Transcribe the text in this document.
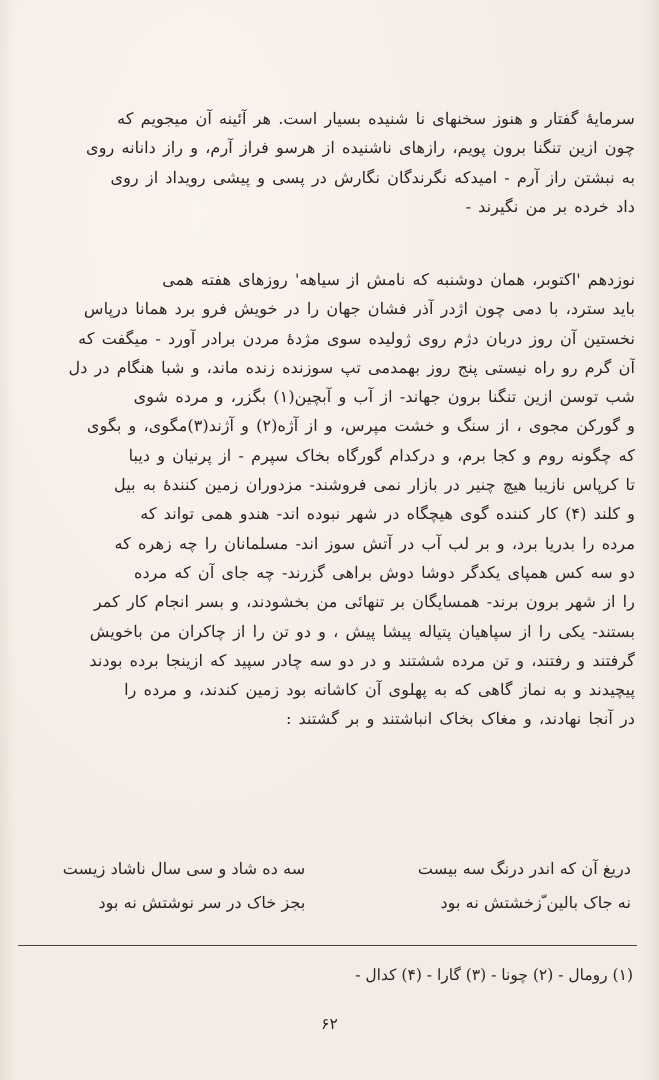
سرمایهٔ گفتار و هنوز سخنهای نا شنیده بسیار است. هر آئینه آن میجویم که
چون ازین تنگنا برون پویم، رازهای ناشنیده از هرسو فراز آرم، و راز دانانه روی
به نبشتن راز آرم - امیدکه نگرندگان نگارش در پسی و پیشی رویداد از روی
داد خرده بر من نگیرند -
نوزدهم 'اکتوبر، همان دوشنبه که نامش از سیاهه' روزهای هفته همی
باید سترد، با دمی چون اژدر آذر فشان جهان را در خویش فرو برد همانا درپاس
نخستین آن روز دربان دژم روی ژولیده سوی مژدهٔ مردن برادر آورد - میگفت که
آن گرم رو راه نیستی پنج روز بهمدمی تپ سوزنده زنده ماند، و شبا هنگام در دل
شب توسن ازین تنگنا برون جهاند- از آب و آبچین(۱) بگزر، و مرده شوی
و گورکن مجوی ، از سنگ و خشت مپرس، و از آژه(۲) و آژند(۳)مگوی، و بگوی
که چگونه روم و کجا برم، و درکدام گورگاه بخاک سپرم - از پرنیان و دیبا
تا کرپاس نازیبا هیچ چنیر در بازار نمی فروشند- مزدوران زمین کنندهٔ به بیل
و کلند (۴) کار کننده گوی هیچگاه در شهر نبوده اند- هندو همی تواند که
مرده را بدریا برد، و بر لب آب در آتش سوز اند- مسلمانان را چه زهره که
دو سه کس همپای یکدگر دوشا دوش براهی گزرند- چه جای آن که مرده
را از شهر برون برند- همسایگان بر تنهائی من بخشودند، و بسر انجام کار کمر
بستند- یکی را از سپاهیان پتیاله پیشا پیش ، و دو تن را از چاکران من باخویش
گرفتند و رفتند، و تن مرده ششتند و در دو سه چادر سپید که ازینجا برده بودند
پیچیدند و به نماز گاهی که به پهلوی آن کاشانه بود زمین کندند، و مرده را
در آنجا نهادند، و مغاک بخاک انباشتند و بر گشتند :
دریغ آن که اندر درنگ سه بیست
سه ده شاد و سی سال ناشاد زیست
نه جاک بالین ّزخشتش نه بود
بجز خاک در سر نوشتش نه بود
(۱) رومال - (۲) چونا - (۳) گارا - (۴) کدال -
۶۲
